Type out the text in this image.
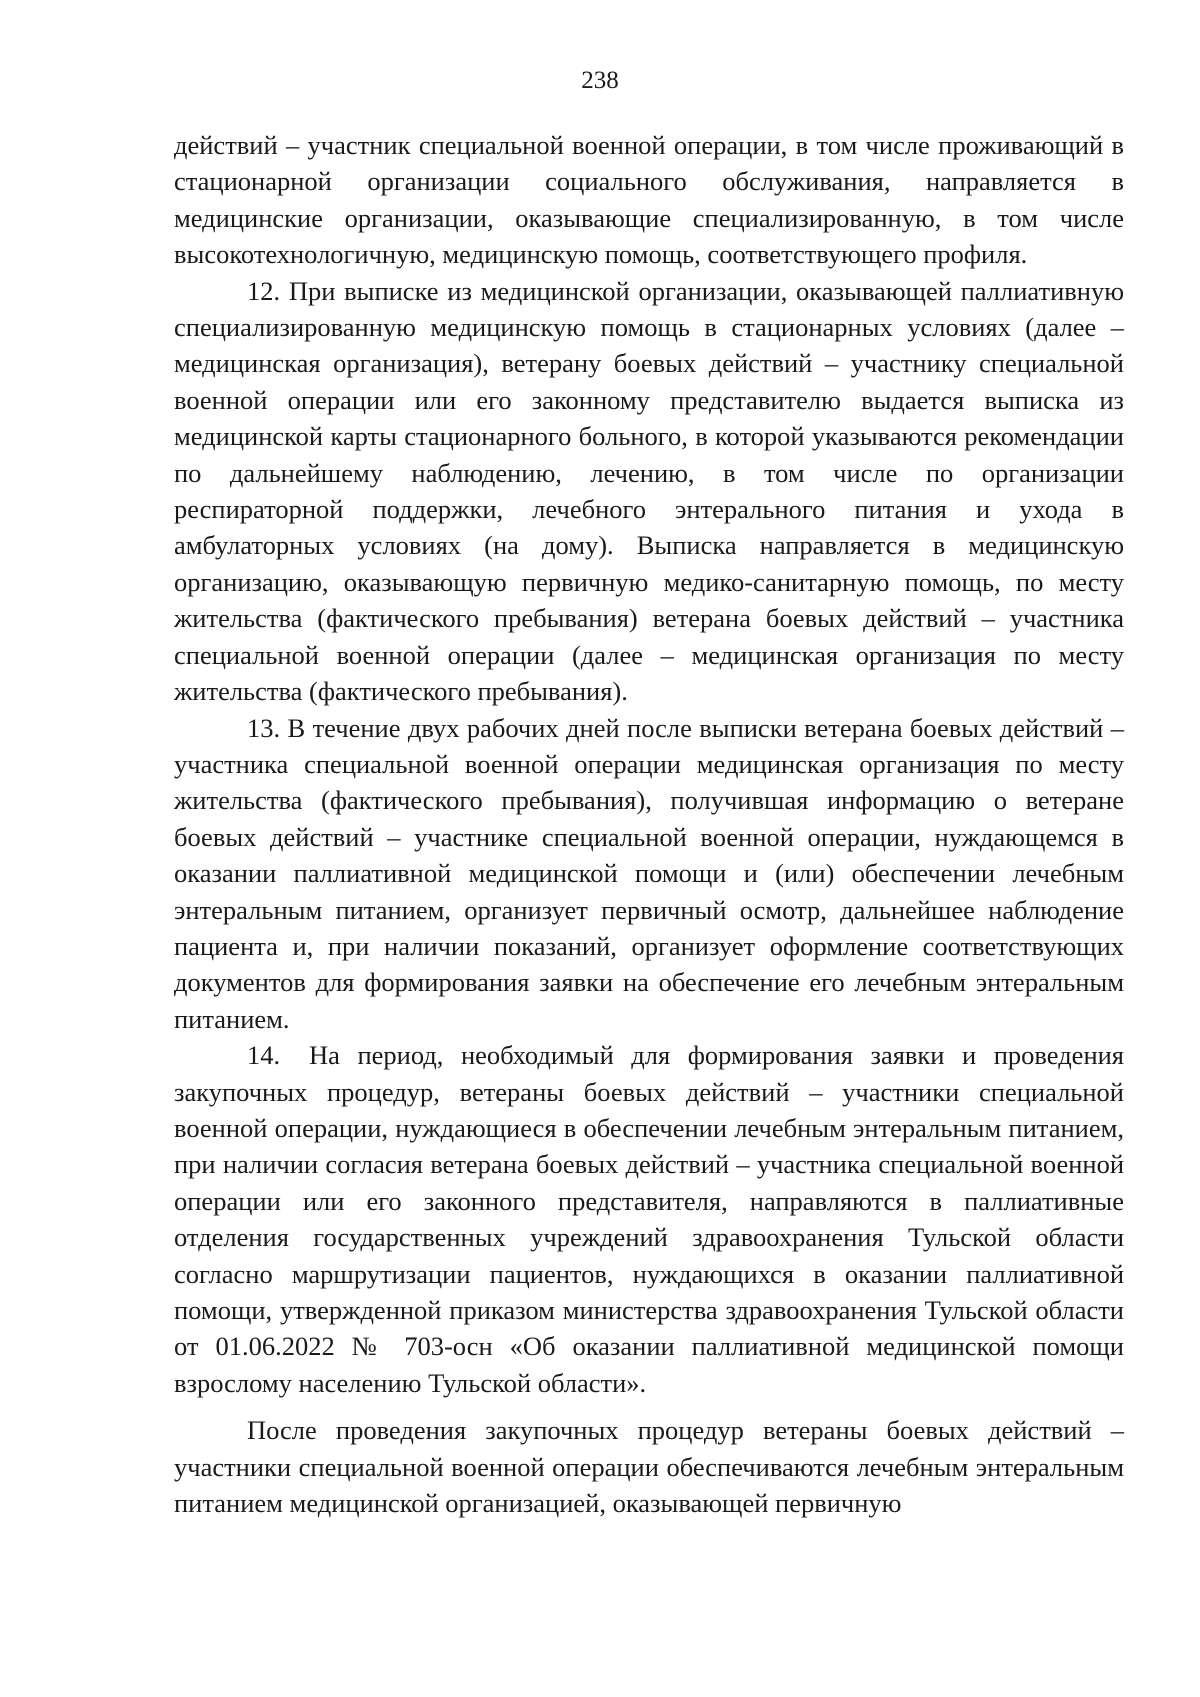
238

действий – участник специальной военной операции, в том числе проживающий в стационарной организации социального обслуживания, направляется в медицинские организации, оказывающие специализированную, в том числе высокотехнологичную, медицинскую помощь, соответствующего профиля.

12. При выписке из медицинской организации, оказывающей паллиативную специализированную медицинскую помощь в стационарных условиях (далее – медицинская организация), ветерану боевых действий – участнику специальной военной операции или его законному представителю выдается выписка из медицинской карты стационарного больного, в которой указываются рекомендации по дальнейшему наблюдению, лечению, в том числе по организации респираторной поддержки, лечебного энтерального питания и ухода в амбулаторных условиях (на дому). Выписка направляется в медицинскую организацию, оказывающую первичную медико-санитарную помощь, по месту жительства (фактического пребывания) ветерана боевых действий – участника специальной военной операции (далее – медицинская организация по месту жительства (фактического пребывания).

13. В течение двух рабочих дней после выписки ветерана боевых действий – участника специальной военной операции медицинская организация по месту жительства (фактического пребывания), получившая информацию о ветеране боевых действий – участнике специальной военной операции, нуждающемся в оказании паллиативной медицинской помощи и (или) обеспечении лечебным энтеральным питанием, организует первичный осмотр, дальнейшее наблюдение пациента и, при наличии показаний, организует оформление соответствующих документов для формирования заявки на обеспечение его лечебным энтеральным питанием.

14. На период, необходимый для формирования заявки и проведения закупочных процедур, ветераны боевых действий – участники специальной военной операции, нуждающиеся в обеспечении лечебным энтеральным питанием, при наличии согласия ветерана боевых действий – участника специальной военной операции или его законного представителя, направляются в паллиативные отделения государственных учреждений здравоохранения Тульской области согласно маршрутизации пациентов, нуждающихся в оказании паллиативной помощи, утвержденной приказом министерства здравоохранения Тульской области от 01.06.2022 № 703-осн «Об оказании паллиативной медицинской помощи взрослому населению Тульской области».

После проведения закупочных процедур ветераны боевых действий – участники специальной военной операции обеспечиваются лечебным энтеральным питанием медицинской организацией, оказывающей первичную
